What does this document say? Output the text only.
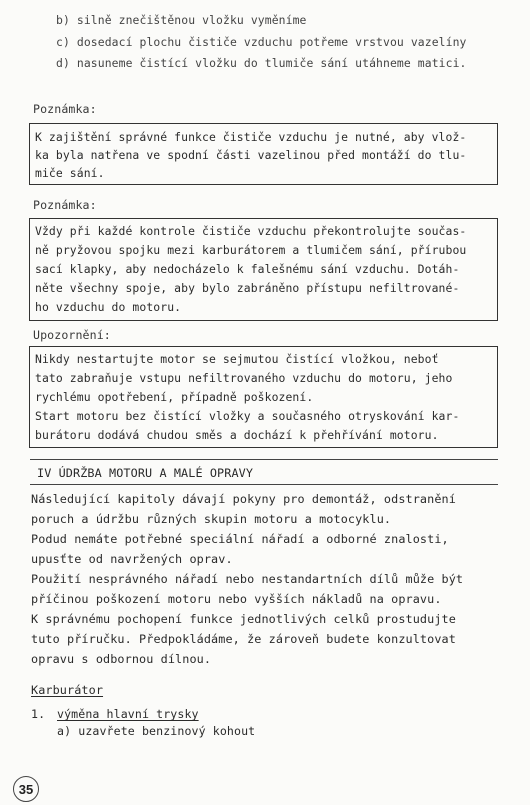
b) silně znečištěnou vložku vyměníme
c) dosedací plochu čističe vzduchu potřeme vrstvou vazelíny
d) nasuneme čistící vložku do tlumiče sání utáhneme matici.
Poznámka:
K zajištění správné funkce čističe vzduchu je nutné, aby vlož-
ka byla natřena ve spodní části vazelinou před montáží do tlu-
miče sání.
Poznámka:
Vždy při každé kontrole čističe vzduchu překontrolujte součas-
ně pryžovou spojku mezi karburátorem a tlumičem sání, přírubou
sací klapky, aby nedocházelo k falešnému sání vzduchu. Dotáh-
něte všechny spoje, aby bylo zabráněno přístupu nefiltrované-
ho vzduchu do motoru.
Upozornění:
Nikdy nestartujte motor se sejmutou čistící vložkou, neboť
tato zabraňuje vstupu nefiltrovaného vzduchu do motoru, jeho
rychlému opotřebení, případně poškození.
Start motoru bez čistící vložky a současného otryskování kar-
burátoru dodává chudou směs a dochází k přehřívání motoru.
IV ÚDRŽBA MOTORU A MALÉ OPRAVY
Následující kapitoly dávají pokyny pro demontáž, odstranění
poruch a údržbu různých skupin motoru a motocyklu.
Podud nemáte potřebné speciální nářadí a odborné znalosti,
upusťte od navržených oprav.
Použití nesprávného nářadí nebo nestandartních dílů může být
příčinou poškození motoru nebo vyšších nákladů na opravu.
K správnému pochopení funkce jednotlivých celků prostudujte
tuto příručku. Předpokládáme, že zároveň budete konzultovat
opravu s odbornou dílnou.
Karburátor
1. výměna hlavní trysky
a) uzavřete benzinový kohout
35
